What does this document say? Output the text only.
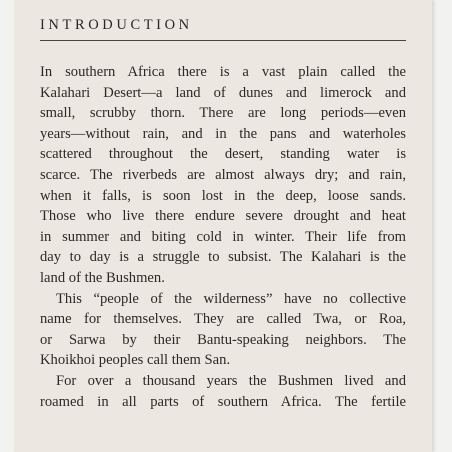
INTRODUCTION
In southern Africa there is a vast plain called the
Kalahari Desert—a land of dunes and limerock and
small, scrubby thorn. There are long periods—even
years—without rain, and in the pans and waterholes
scattered throughout the desert, standing water is
scarce. The riverbeds are almost always dry; and rain,
when it falls, is soon lost in the deep, loose sands.
Those who live there endure severe drought and heat
in summer and biting cold in winter. Their life from
day to day is a struggle to subsist. The Kalahari is the
land of the Bushmen.
This “people of the wilderness” have no collective
name for themselves. They are called Twa, or Roa,
or Sarwa by their Bantu-speaking neighbors. The
Khoikhoi peoples call them San.
For over a thousand years the Bushmen lived and
roamed in all parts of southern Africa. The fertile
